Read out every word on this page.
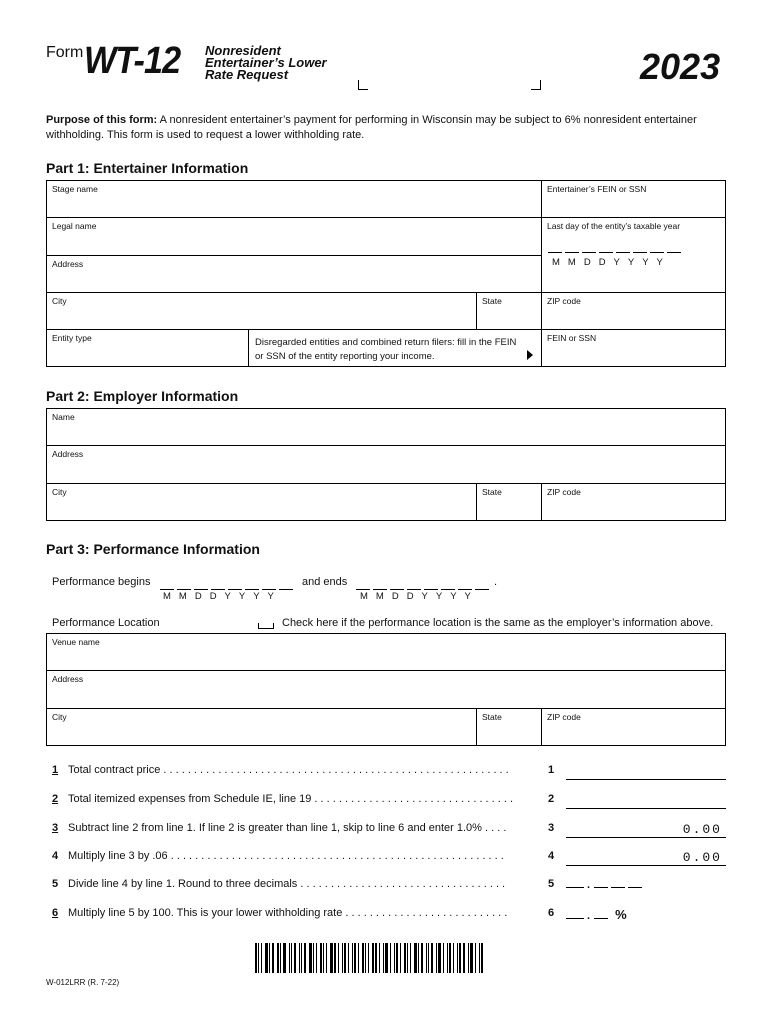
Form WT-12 Nonresident
Entertainer’s Lower
Rate Request	2023
Purpose of this form: A nonresident entertainer’s payment for performing in Wisconsin may be subject to 6% nonresident entertainer withholding. This form is used to request a lower withholding rate.
Part 1: Entertainer Information
Stage name	Entertainer’s FEIN or SSN
Legal name	Last day of the entity’s taxable year
MMDDYYYY
Address
City	State	ZIP code
Entity type	Disregarded entities and combined return filers: fill in the FEIN
or SSN of the entity reporting your income.
FEIN or SSN
Part 2: Employer Information
Name
Address
City	State	ZIP code
Part 3: Performance Information
Performance begins
MMDDYYYY
and ends	.
MMDDYYYY
Performance Location	Check here if the performance location is the same as the employer’s information above.
Venue name
Address
City	State	ZIP code
1 Total contract price . . . . . . . . . . . . . . . . . . . . . . . . . . . . . . . . . . . . . . . . . . . . . . . . . . . . . . . . .	1
2 Total itemized expenses from Schedule IE, line 19 . . . . . . . . . . . . . . . . . . . . . . . . . . . . . . . . .	2
3 Subtract line 2 from line 1. If line 2 is greater than line 1, skip to line 6 and enter 1.0% . . . .	3	0.00
4 Multiply line 3 by .06 . . . . . . . . . . . . . . . . . . . . . . . . . . . . . . . . . . . . . . . . . . . . . . . . . . . . . . .	4	0.00
5 Divide line 4 by line 1. Round to three decimals . . . . . . . . . . . . . . . . . . . . . . . . . . . . . . . . . .	5	.
6 Multiply line 5 by 100. This is your lower withholding rate . . . . . . . . . . . . . . . . . . . . . . . . . . .	6	. %
W-012LRR (R. 7-22)
